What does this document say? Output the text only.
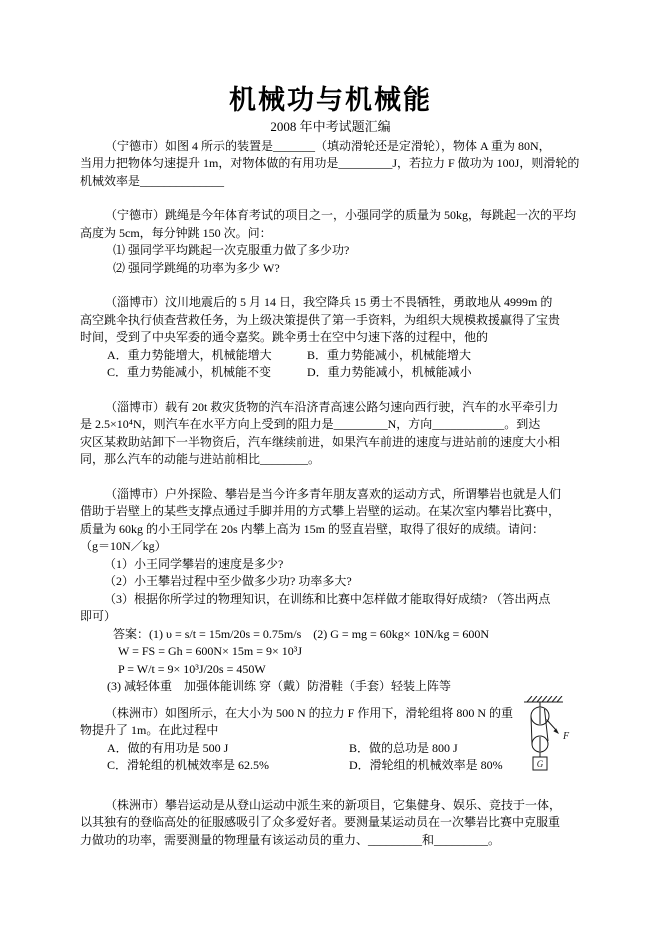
机械功与机械能
2008 年中考试题汇编
（宁德市）如图 4 所示的装置是_______（填动滑轮还是定滑轮），物体 A 重为 80N，
当用力把物体匀速提升 1m，对物体做的有用功是_________J，若拉力 F 做功为 100J，则滑轮的
机械效率是______________
（宁德市）跳绳是今年体育考试的项目之一，小强同学的质量为 50kg，每跳起一次的平均
高度为 5cm，每分钟跳 150 次。问：
⑴ 强同学平均跳起一次克服重力做了多少功?
⑵ 强同学跳绳的功率为多少 W?
（淄博市）汶川地震后的 5 月 14 日，我空降兵 15 勇士不畏牺牲，勇敢地从 4999m 的
高空跳伞执行侦查营救任务，为上级决策提供了第一手资料，为组织大规模救援赢得了宝贵
时间，受到了中央军委的通令嘉奖。跳伞勇士在空中匀速下落的过程中，他的
A．重力势能增大，机械能增大	B．重力势能减小，机械能增大
C．重力势能减小，机械能不变	D．重力势能减小，机械能减小
（淄博市）载有 20t 救灾货物的汽车沿济青高速公路匀速向西行驶，汽车的水平牵引力
是 2.5×10⁴N，则汽车在水平方向上受到的阻力是_________N，方向____________。到达
灾区某救助站卸下一半物资后，汽车继续前进，如果汽车前进的速度与进站前的速度大小相
同，那么汽车的动能与进站前相比________。
（淄博市）户外探险、攀岩是当今许多青年朋友喜欢的运动方式，所谓攀岩也就是人们
借助于岩壁上的某些支撑点通过手脚并用的方式攀上岩壁的运动。在某次室内攀岩比赛中，
质量为 60kg 的小王同学在 20s 内攀上高为 15m 的竖直岩壁，取得了很好的成绩。请问：
（g＝10N／kg）
（1）小王同学攀岩的速度是多少?
（2）小王攀岩过程中至少做多少功? 功率多大?
（3）根据你所学过的物理知识，在训练和比赛中怎样做才能取得好成绩? （答出两点
即可）
答案：(1) υ = s/t = 15m/20s = 0.75m/s　(2) G = mg = 60kg× 10N/kg = 600N
W = FS = Gh = 600N× 15m = 9× 10³J
P = W/t = 9× 10³J/20s = 450W
(3) 减轻体重　加强体能训练 穿（戴）防滑鞋（手套）轻装上阵等
（株洲市）如图所示，在大小为 500 N 的拉力 F 作用下，滑轮组将 800 N 的重
物提升了 1m。在此过程中
A．做的有用功是 500 J	B．做的总功是 800 J
C．滑轮组的机械效率是 62.5%	D．滑轮组的机械效率是 80%
（株洲市）攀岩运动是从登山运动中派生来的新项目，它集健身、娱乐、竞技于一体，
以其独有的登临高处的征服感吸引了众多爱好者。要测量某运动员在一次攀岩比赛中克服重
力做功的功率，需要测量的物理量有该运动员的重力、_________和_________。
F
G
